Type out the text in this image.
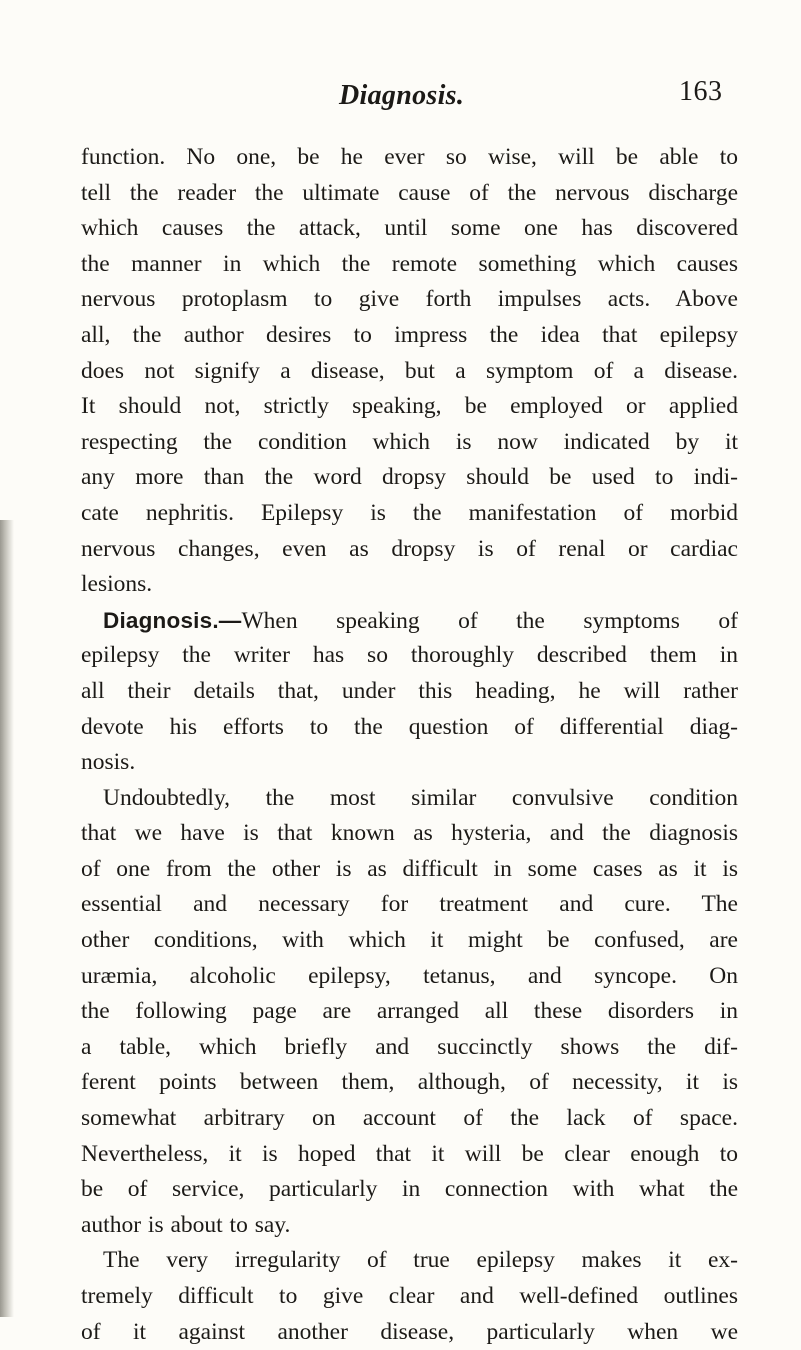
Diagnosis.	163
function. No one, be he ever so wise, will be able to
tell the reader the ultimate cause of the nervous discharge
which causes the attack, until some one has discovered
the manner in which the remote something which causes
nervous protoplasm to give forth impulses acts. Above
all, the author desires to impress the idea that epilepsy
does not signify a disease, but a symptom of a disease.
It should not, strictly speaking, be employed or applied
respecting the condition which is now indicated by it
any more than the word dropsy should be used to indi-
cate nephritis. Epilepsy is the manifestation of morbid
nervous changes, even as dropsy is of renal or cardiac
lesions.
Diagnosis.—When speaking of the symptoms of
epilepsy the writer has so thoroughly described them in
all their details that, under this heading, he will rather
devote his efforts to the question of differential diag-
nosis.
Undoubtedly, the most similar convulsive condition
that we have is that known as hysteria, and the diagnosis
of one from the other is as difficult in some cases as it is
essential and necessary for treatment and cure. The
other conditions, with which it might be confused, are
uræmia, alcoholic epilepsy, tetanus, and syncope. On
the following page are arranged all these disorders in
a table, which briefly and succinctly shows the dif-
ferent points between them, although, of necessity, it is
somewhat arbitrary on account of the lack of space.
Nevertheless, it is hoped that it will be clear enough to
be of service, particularly in connection with what the
author is about to say.
The very irregularity of true epilepsy makes it ex-
tremely difficult to give clear and well-defined outlines
of it against another disease, particularly when we
